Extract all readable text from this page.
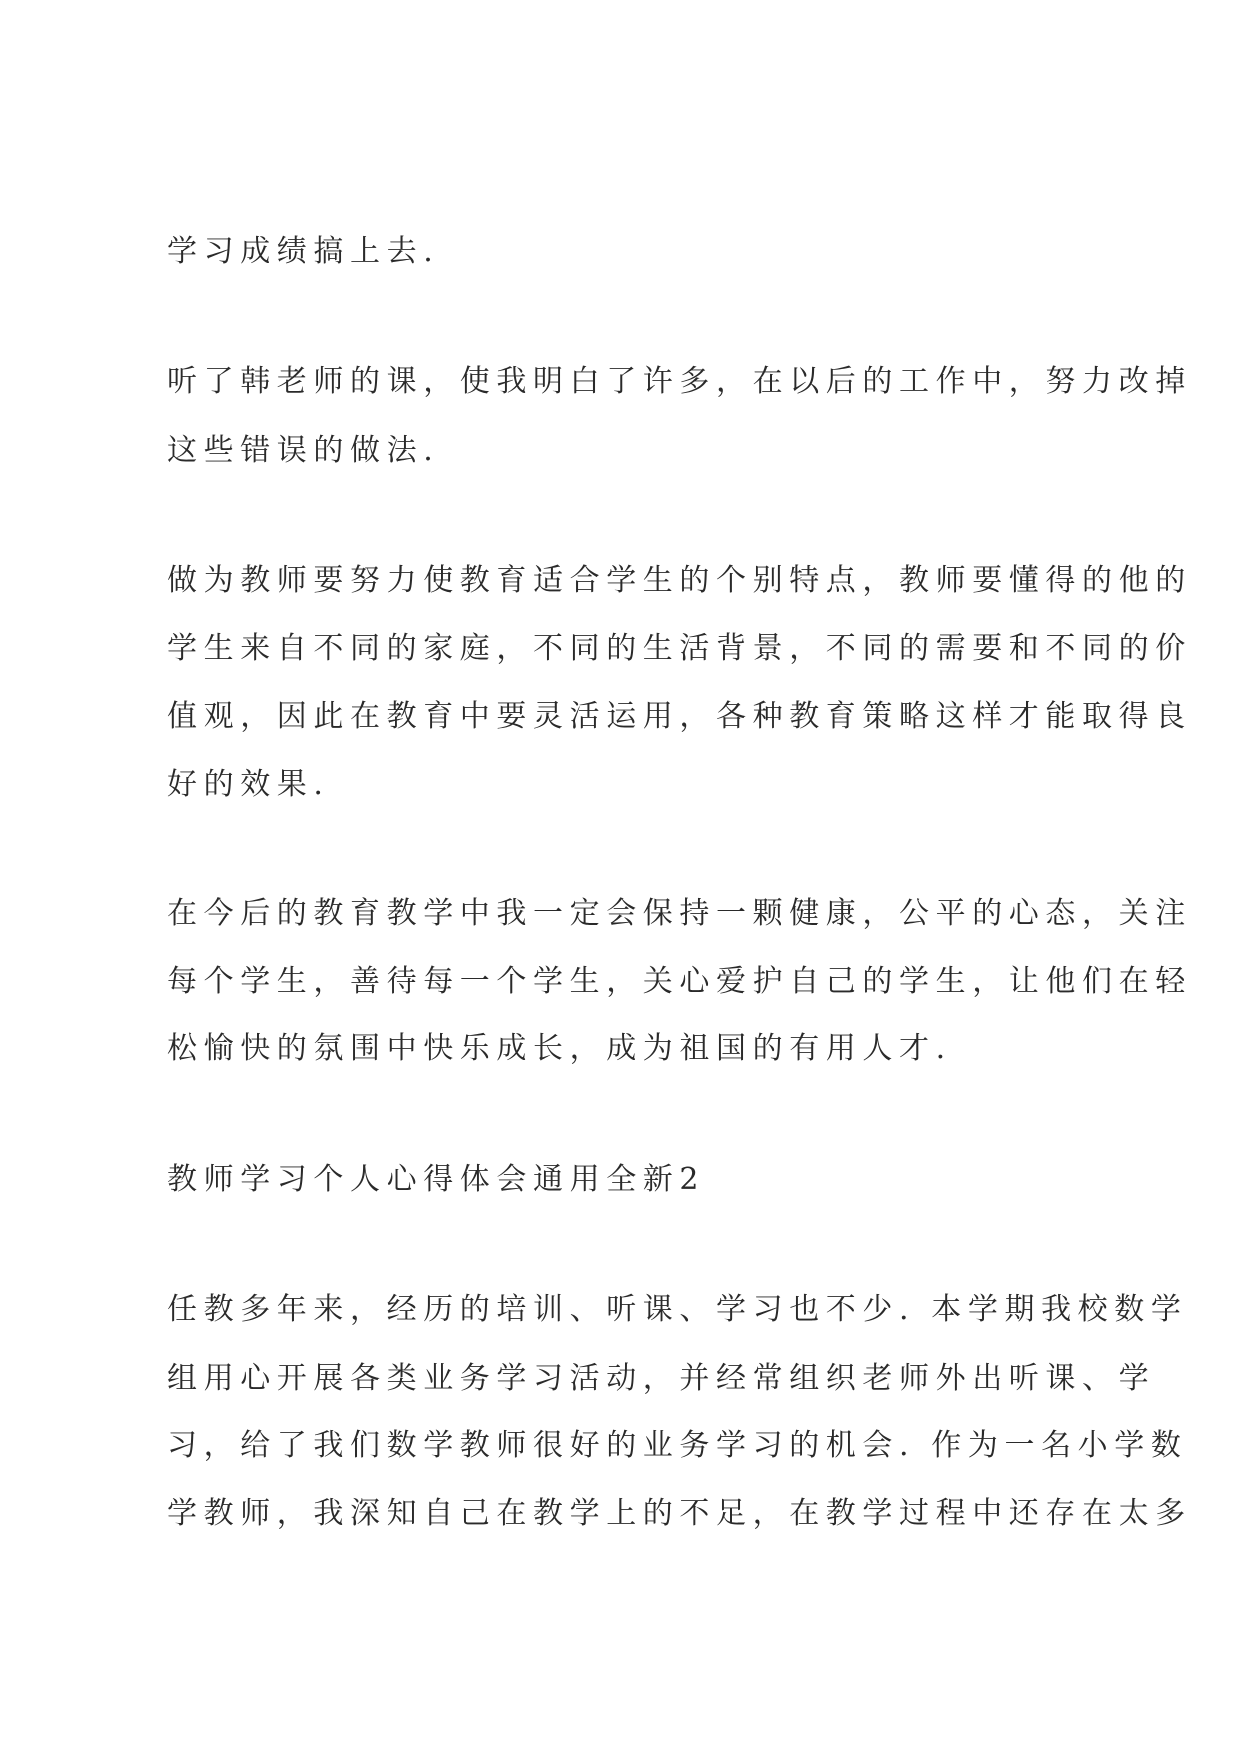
学习成绩搞上去.
听了韩老师的课，使我明白了许多，在以后的工作中，努力改掉
这些错误的做法.
做为教师要努力使教育适合学生的个别特点，教师要懂得的他的
学生来自不同的家庭，不同的生活背景，不同的需要和不同的价
值观，因此在教育中要灵活运用，各种教育策略这样才能取得良
好的效果.
在今后的教育教学中我一定会保持一颗健康，公平的心态，关注
每个学生，善待每一个学生，关心爱护自己的学生，让他们在轻
松愉快的氛围中快乐成长，成为祖国的有用人才.
教师学习个人心得体会通用全新2
任教多年来，经历的培训、听课、学习也不少. 本学期我校数学
组用心开展各类业务学习活动，并经常组织老师外出听课、学
习，给了我们数学教师很好的业务学习的机会. 作为一名小学数
学教师，我深知自己在教学上的不足，在教学过程中还存在太多
